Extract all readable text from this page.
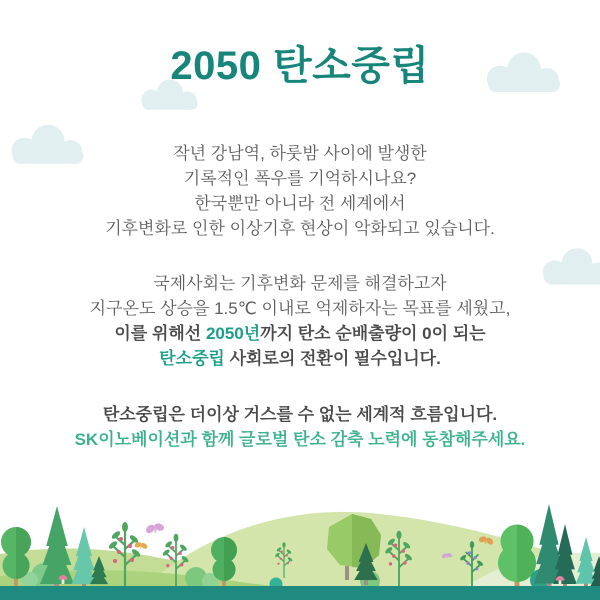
2050 탄소중립

작년 강남역, 하룻밤 사이에 발생한
기록적인 폭우를 기억하시나요?
한국뿐만 아니라 전 세계에서
기후변화로 인한 이상기후 현상이 악화되고 있습니다.

국제사회는 기후변화 문제를 해결하고자
지구온도 상승을 1.5℃ 이내로 억제하자는 목표를 세웠고,
이를 위해선 2050년까지 탄소 순배출량이 0이 되는
탄소중립 사회로의 전환이 필수입니다.

탄소중립은 더이상 거스를 수 없는 세계적 흐름입니다.
SK이노베이션과 함께 글로벌 탄소 감축 노력에 동참해주세요.
